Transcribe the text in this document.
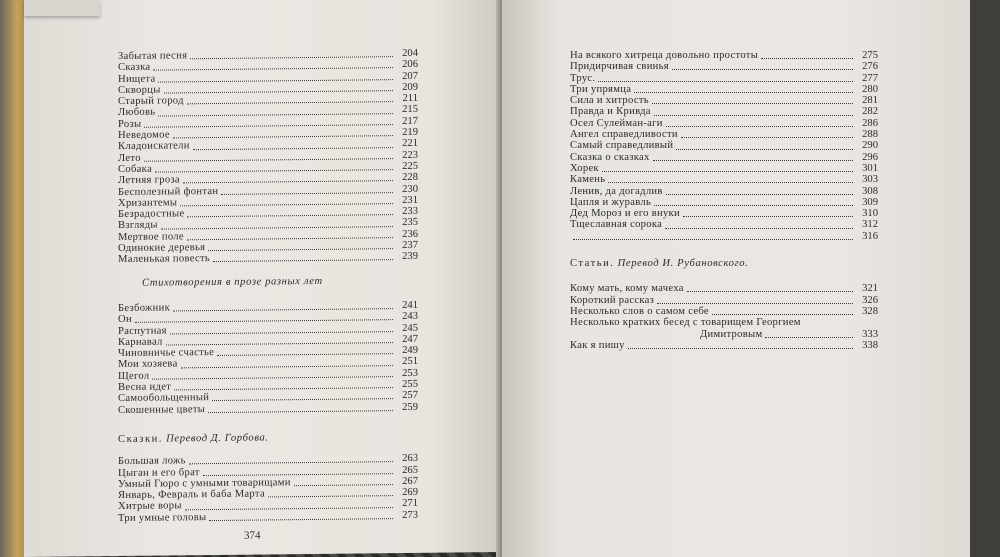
Забытая песня	204
Сказка	206
Нищета	207
Скворцы	209
Старый город	211
Любовь	215
Розы	217
Неведомое	219
Кладоискатели	221
Лето	223
Собака	225
Летняя гроза	228
Бесполезный фонтан	230
Хризантемы	231
Безрадостные	233
Взгляды	235
Мертвое поле	236
Одинокие деревья	237
Маленькая повесть	239
Стихотворения в прозе разных лет
Безбожник	241
Он	243
Распутная	245
Карнавал	247
Чиновничье счастье	249
Мои хозяева	251
Щегол	253
Весна идет	255
Самообольщенный	257
Скошенные цветы	259
Сказки. Перевод Д. Горбова.
Большая ложь	263
Цыган и его брат	265
Умный Гюро с умными товарищами	267
Январь, Февраль и баба Марта	269
Хитрые воры	271
Три умные головы	273
374
На всякого хитреца довольно простоты	275
Придирчивая свинья	276
Трус.	277
Три упрямца	280
Сила и хитрость	281
Правда и Кривда	282
Осел Сулейман-аги	286
Ангел справедливости	288
Самый справедливый	290
Сказка о сказках	296
Хорек	301
Камень	303
Ленив, да догадлив	308
Цапля и журавль	309
Дед Мороз и его внуки	310
Тщеславная сорока	312
316
Статьи. Перевод И. Рубановского.
Кому мать, кому мачеха	321
Короткий рассказ	326
Несколько слов о самом себе	328
Несколько кратких бесед с товарищем Георгием
Димитровым	333
Как я пишу	338
